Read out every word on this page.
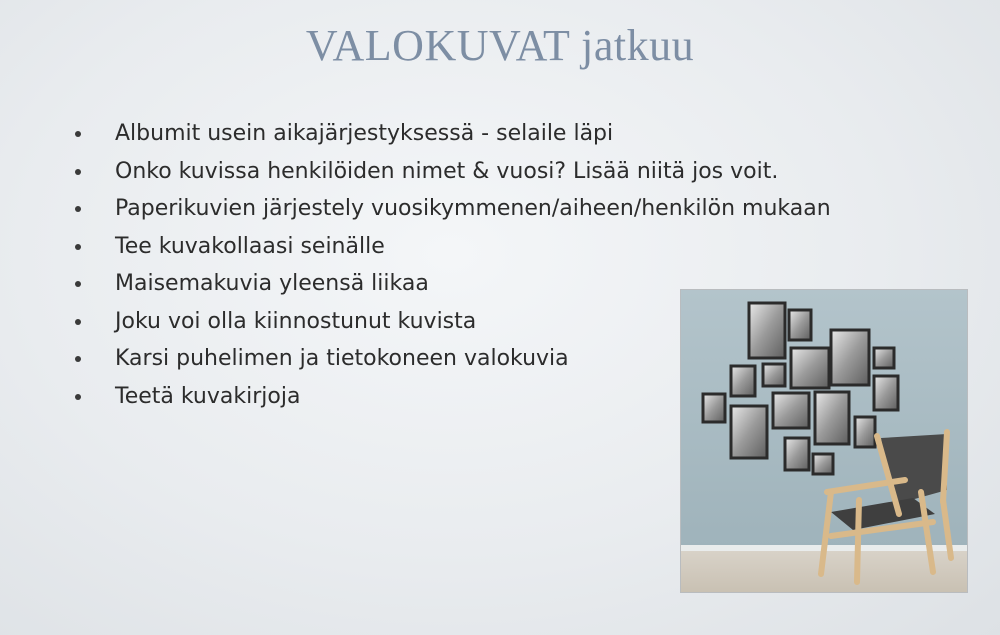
VALOKUVAT jatkuu
Albumit usein aikajärjestyksessä - selaile läpi
Onko kuvissa henkilöiden nimet & vuosi? Lisää niitä jos voit.
Paperikuvien järjestely vuosikymmenen/aiheen/henkilön mukaan
Tee kuvakollaasi seinälle
Maisemakuvia yleensä liikaa
Joku voi olla kiinnostunut kuvista
Karsi puhelimen ja tietokoneen valokuvia
Teetä kuvakirjoja
